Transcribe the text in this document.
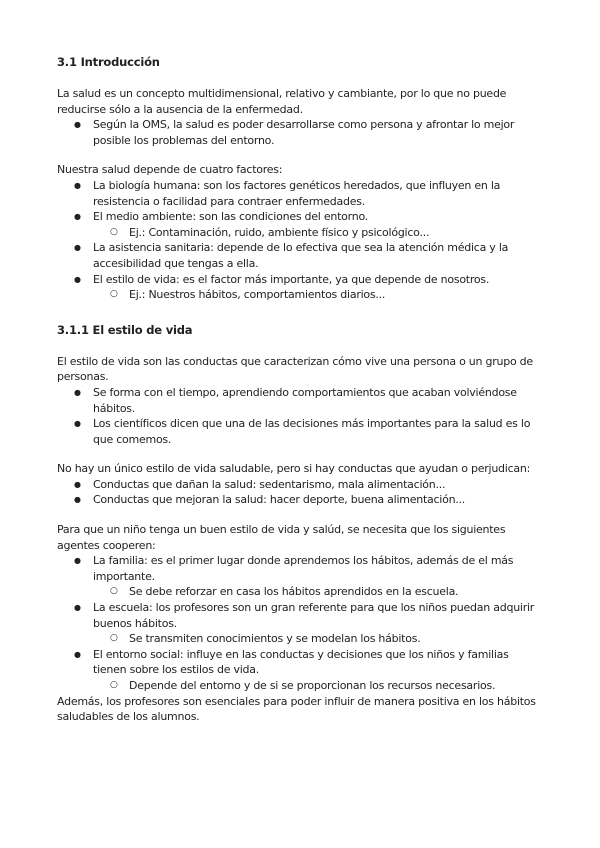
3.1 Introducción

La salud es un concepto multidimensional, relativo y cambiante, por lo que no puede reducirse sólo a la ausencia de la enfermedad.

● Según la OMS, la salud es poder desarrollarse como persona y afrontar lo mejor posible los problemas del entorno.

Nuestra salud depende de cuatro factores:

● La biología humana: son los factores genéticos heredados, que influyen en la resistencia o facilidad para contraer enfermedades.
● El medio ambiente: son las condiciones del entorno.
○ Ej.: Contaminación, ruido, ambiente físico y psicológico...
● La asistencia sanitaria: depende de lo efectiva que sea la atención médica y la accesibilidad que tengas a ella.
● El estilo de vida: es el factor más importante, ya que depende de nosotros.
○ Ej.: Nuestros hábitos, comportamientos diarios...
3.1.1 El estilo de vida

El estilo de vida son las conductas que caracterizan cómo vive una persona o un grupo de personas.

● Se forma con el tiempo, aprendiendo comportamientos que acaban volviéndose hábitos.
● Los científicos dicen que una de las decisiones más importantes para la salud es lo que comemos.

No hay un único estilo de vida saludable, pero si hay conductas que ayudan o perjudican:

● Conductas que dañan la salud: sedentarismo, mala alimentación...
● Conductas que mejoran la salud: hacer deporte, buena alimentación...

Para que un niño tenga un buen estilo de vida y salúd, se necesita que los siguientes agentes cooperen:

● La familia: es el primer lugar donde aprendemos los hábitos, además de el más importante.
○ Se debe reforzar en casa los hábitos aprendidos en la escuela.
● La escuela: los profesores son un gran referente para que los niños puedan adquirir buenos hábitos.
○ Se transmiten conocimientos y se modelan los hábitos.
● El entorno social: influye en las conductas y decisiones que los niños y familias tienen sobre los estilos de vida.
○ Depende del entorno y de si se proporcionan los recursos necesarios.

Además, los profesores son esenciales para poder influir de manera positiva en los hábitos saludables de los alumnos.
